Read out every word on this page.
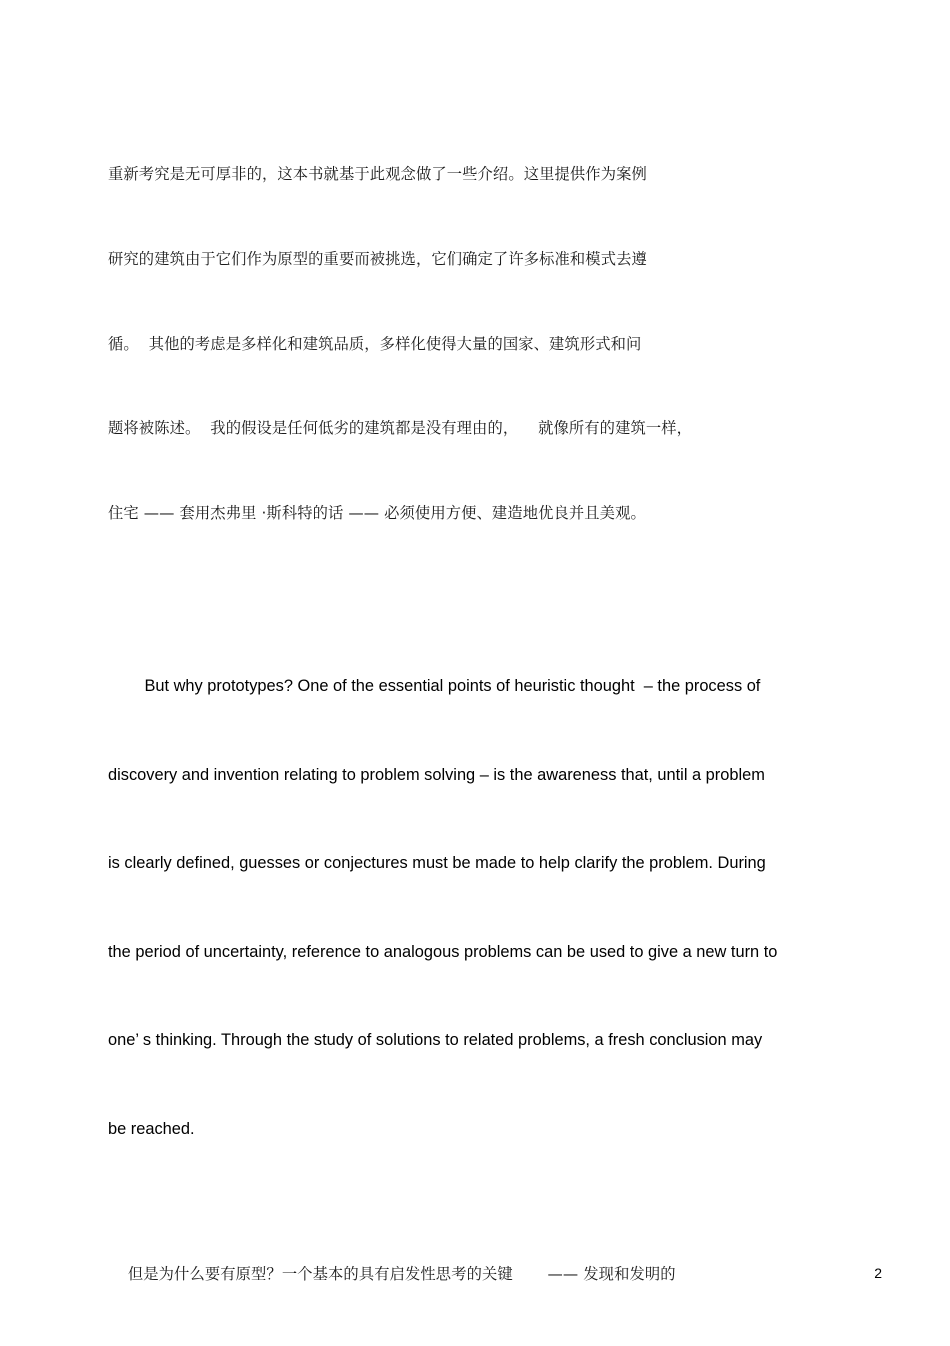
重新考究是无可厚非的，这本书就基于此观念做了一些介绍。这里提供作为案例

研究的建筑由于它们作为原型的重要而被挑选，它们确定了许多标准和模式去遵

循。  其他的考虑是多样化和建筑品质，多样化使得大量的国家、建筑形式和问

题将被陈述。  我的假设是任何低劣的建筑都是没有理由的，    就像所有的建筑一样，

住宅 —— 套用杰弗里 ·斯科特的话 —— 必须使用方便、建造地优良并且美观。

But why prototypes? One of the essential points of heuristic thought  – the process of

discovery and invention relating to problem solving – is the awareness that, until a problem

is clearly defined, guesses or conjectures must be made to help clarify the problem. During

the period of uncertainty, reference to analogous problems can be used to give a new turn to

one’ s thinking. Through the study of solutions to related problems, a fresh conclusion may

be reached.

但是为什么要有原型？一个基本的具有启发性思考的关键       —— 发现和发明的

	2
